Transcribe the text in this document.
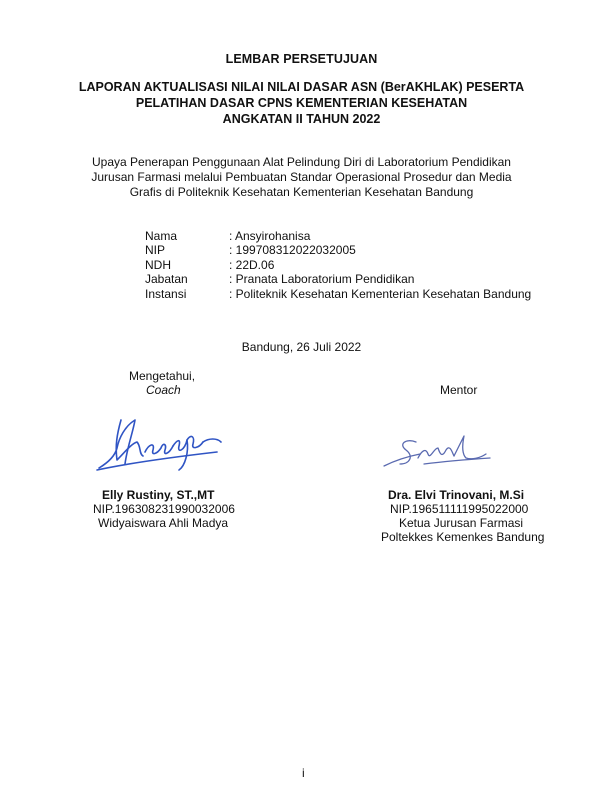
LEMBAR PERSETUJUAN
LAPORAN AKTUALISASI NILAI NILAI DASAR ASN (BerAKHLAK) PESERTA
PELATIHAN DASAR CPNS KEMENTERIAN KESEHATAN
ANGKATAN II TAHUN 2022
Upaya Penerapan Penggunaan Alat Pelindung Diri di Laboratorium Pendidikan
Jurusan Farmasi melalui Pembuatan Standar Operasional Prosedur dan Media
Grafis di Politeknik Kesehatan Kementerian Kesehatan Bandung
Nama	: Ansyirohanisa
NIP	: 199708312022032005
NDH	: 22D.06
Jabatan	: Pranata Laboratorium Pendidikan
Instansi	: Politeknik Kesehatan Kementerian Kesehatan Bandung
Bandung, 26 Juli 2022
Mengetahui,
Coach
Elly Rustiny, ST.,MT
NIP.196308231990032006
Widyaiswara Ahli Madya
Mentor
Dra. Elvi Trinovani, M.Si
NIP.196511111995022000
Ketua Jurusan Farmasi
Poltekkes Kemenkes Bandung
i
